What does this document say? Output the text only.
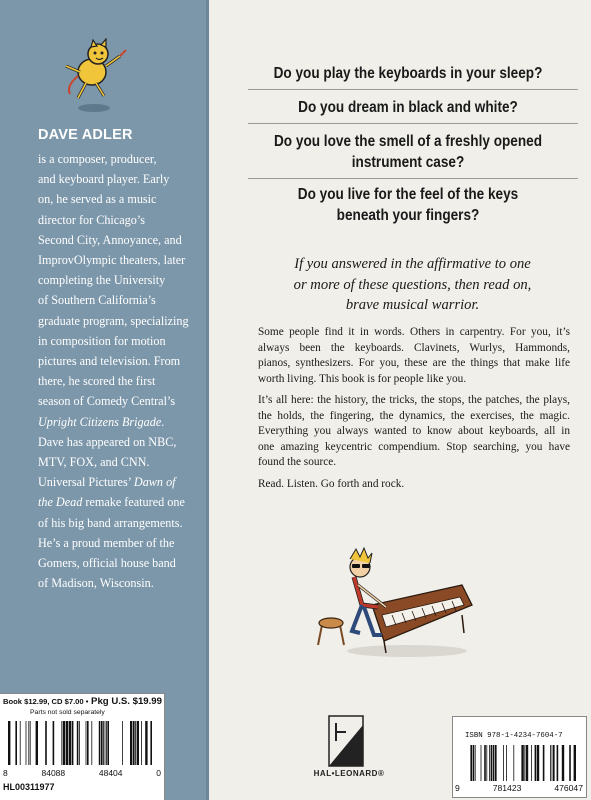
DAVE ADLER
is a composer, producer,
and keyboard player. Early
on, he served as a music
director for Chicago’s
Second City, Annoyance, and
ImprovOlympic theaters, later
completing the University
of Southern California’s
graduate program, specializing
in composition for motion
pictures and television. From
there, he scored the first
season of Comedy Central’s
Upright Citizens Brigade.
Dave has appeared on NBC,
MTV, FOX, and CNN.
Universal Pictures’ Dawn of
the Dead remake featured one
of his big band arrangements.
He’s a proud member of the
Gomers, official house band
of Madison, Wisconsin.
Do you play the keyboards in your sleep?
Do you dream in black and white?
Do you love the smell of a freshly opened
instrument case?
Do you live for the feel of the keys
beneath your fingers?
If you answered in the affirmative to one
or more of these questions, then read on,
brave musical warrior.
Some people find it in words. Others in carpentry. For you, it’s
always been the keyboards. Clavinets, Wurlys, Hammonds,
pianos, synthesizers. For you, these are the things that make life
worth living. This book is for people like you.
It’s all here: the history, the tricks, the stops, the patches, the plays,
the holds, the fingering, the dynamics, the exercises, the magic.
Everything you always wanted to know about keyboards, all in
one amazing keycentric compendium. Stop searching, you have
found the source.
Read. Listen. Go forth and rock.
Book $12.99, CD $7.00 • Pkg U.S. $19.99
Parts not sold separately
8	84088	48404	0
HL00311977
HAL•LEONARD®
ISBN 978-1-4234-7604-7
9	781423	476047
